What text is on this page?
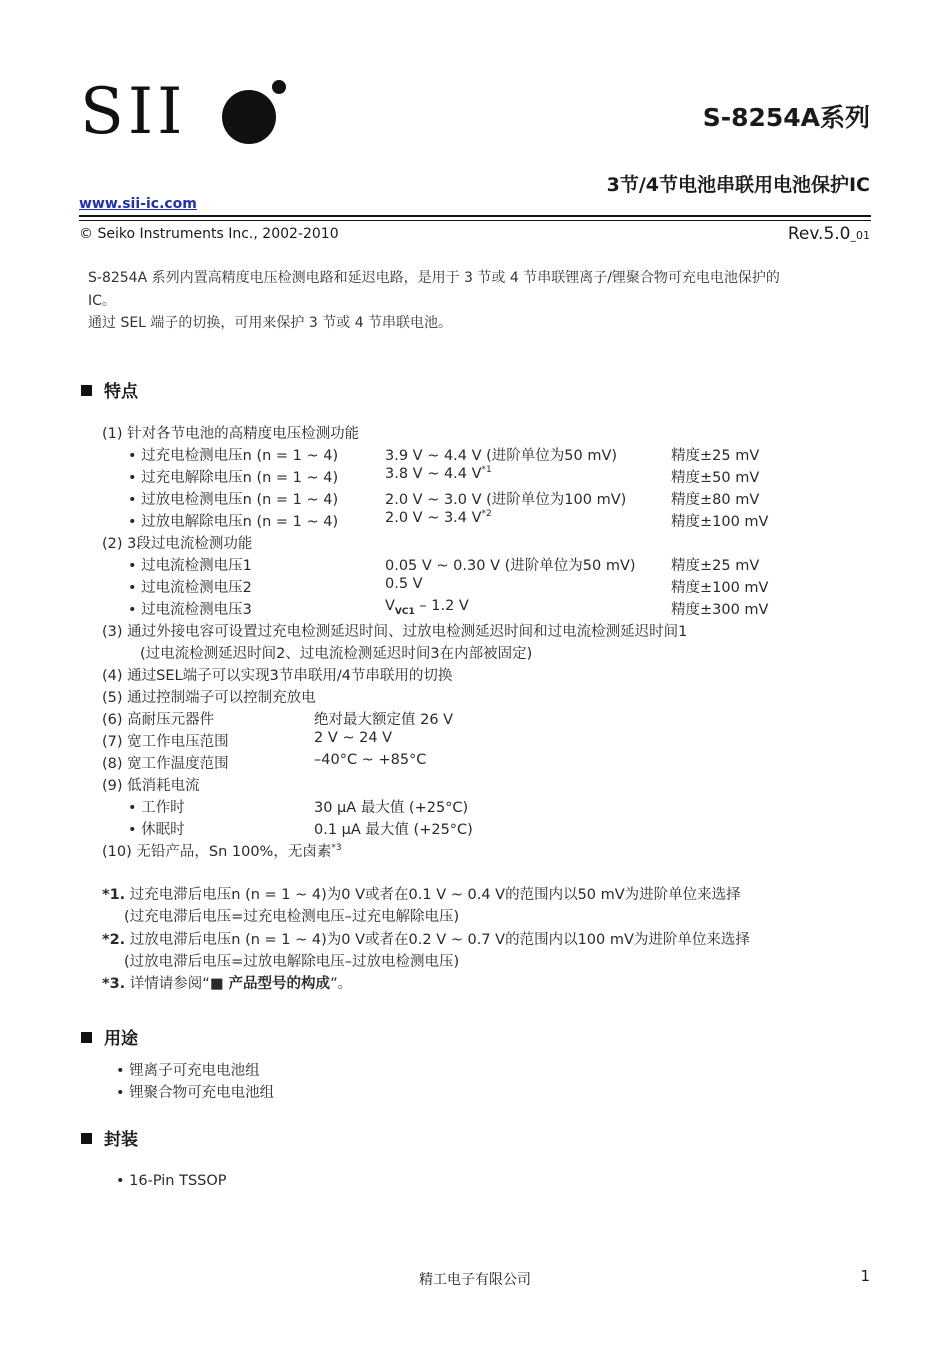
SII	S-8254A系列
3节/4节电池串联用电池保护IC
www.sii-ic.com
© Seiko Instruments Inc., 2002-2010	Rev.5.0_01
S-8254A 系列内置高精度电压检测电路和延迟电路，是用于 3 节或 4 节串联锂离子/锂聚合物可充电电池保护的
IC。
通过 SEL 端子的切换，可用来保护 3 节或 4 节串联电池。
特点
(1) 针对各节电池的高精度电压检测功能
• 过充电检测电压n (n = 1 ~ 4)	3.9 V ~ 4.4 V (进阶单位为50 mV)	精度±25 mV
• 过充电解除电压n (n = 1 ~ 4)	3.8 V ~ 4.4 $V^{*1}$	精度±50 mV
• 过放电检测电压n (n = 1 ~ 4)	2.0 V ~ 3.0 V (进阶单位为100 mV)	精度±80 mV
• 过放电解除电压n (n = 1 ~ 4)	2.0 V ~ 3.4 $V^{*2}$	精度±100 mV
(2) 3段过电流检测功能
• 过电流检测电压1	0.05 V ~ 0.30 V (进阶单位为50 mV) 精度±25 mV
• 过电流检测电压2	0.5 V	精度±100 mV
• 过电流检测电压3	$V_{VC1} - 1.2$ V	精度±300 mV
(3) 通过外接电容可设置过充电检测延迟时间、过放电检测延迟时间和过电流检测延迟时间1
(过电流检测延迟时间2、过电流检测延迟时间3在内部被固定)
(4) 通过SEL端子可以实现3节串联用/4节串联用的切换
(5) 通过控制端子可以控制充放电
(6) 高耐压元器件	绝对最大额定值 26 V
(7) 宽工作电压范围	2 V ~ 24 V
(8) 宽工作温度范围	–40°C ~ +85°C
(9) 低消耗电流
• 工作时	30 μA 最大值 (+25°C)
• 休眠时	0.1 μA 最大值 (+25°C)
(10) 无铅产品，Sn 100%，无卤素$^{*3}$
*1. 过充电滞后电压n (n = 1 ~ 4)为0 V或者在0.1 V ~ 0.4 V的范围内以50 mV为进阶单位来选择
(过充电滞后电压=过充电检测电压–过充电解除电压)
*2. 过放电滞后电压n (n = 1 ~ 4)为0 V或者在0.2 V ~ 0.7 V的范围内以100 mV为进阶单位来选择
(过放电滞后电压=过放电解除电压–过放电检测电压)
*3. 详情请参阅“■ 产品型号的构成”。
用途
• 锂离子可充电电池组
• 锂聚合物可充电电池组
封装
• 16-Pin TSSOP
精工电子有限公司	1
